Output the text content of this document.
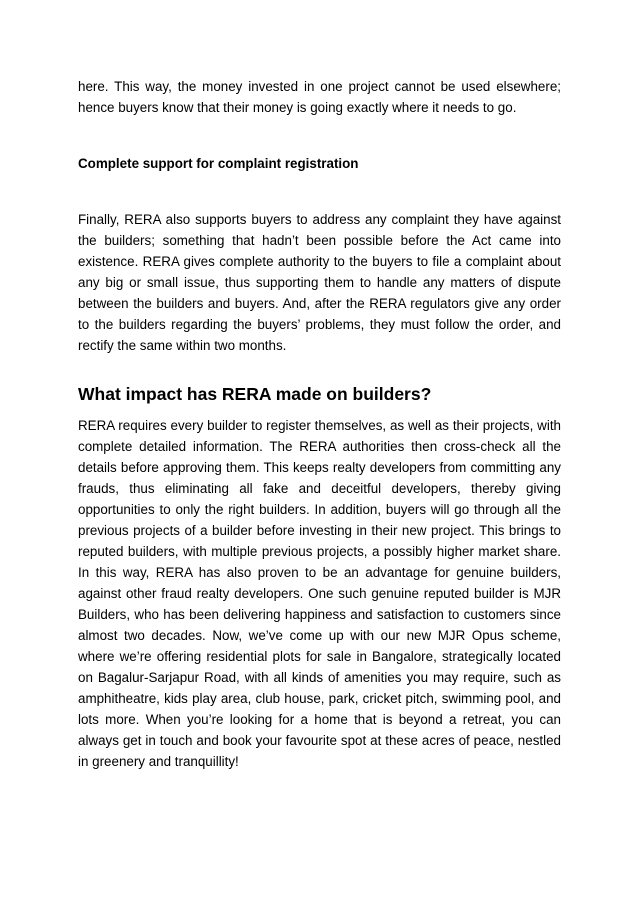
here. This way, the money invested in one project cannot be used elsewhere; hence buyers know that their money is going exactly where it needs to go.

Complete support for complaint registration

Finally, RERA also supports buyers to address any complaint they have against the builders; something that hadn’t been possible before the Act came into existence. RERA gives complete authority to the buyers to file a complaint about any big or small issue, thus supporting them to handle any matters of dispute between the builders and buyers. And, after the RERA regulators give any order to the builders regarding the buyers’ problems, they must follow the order, and rectify the same within two months.

What impact has RERA made on builders?

RERA requires every builder to register themselves, as well as their projects, with complete detailed information. The RERA authorities then cross-check all the details before approving them. This keeps realty developers from committing any frauds, thus eliminating all fake and deceitful developers, thereby giving opportunities to only the right builders. In addition, buyers will go through all the previous projects of a builder before investing in their new project. This brings to reputed builders, with multiple previous projects, a possibly higher market share. In this way, RERA has also proven to be an advantage for genuine builders, against other fraud realty developers. One such genuine reputed builder is MJR Builders, who has been delivering happiness and satisfaction to customers since almost two decades. Now, we’ve come up with our new MJR Opus scheme, where we’re offering residential plots for sale in Bangalore, strategically located on Bagalur-Sarjapur Road, with all kinds of amenities you may require, such as amphitheatre, kids play area, club house, park, cricket pitch, swimming pool, and lots more. When you’re looking for a home that is beyond a retreat, you can always get in touch and book your favourite spot at these acres of peace, nestled in greenery and tranquillity!
